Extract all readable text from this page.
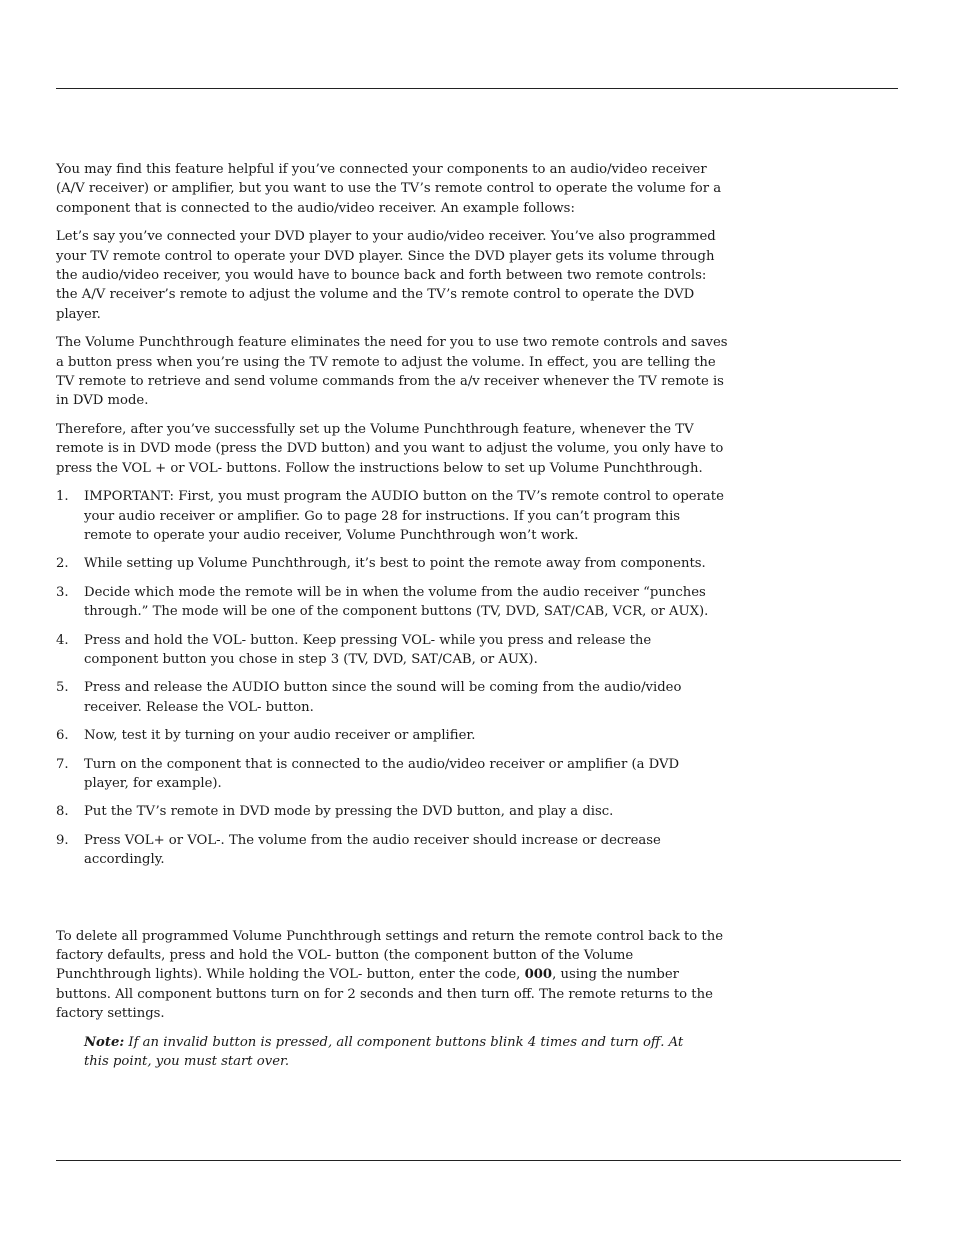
You may find this feature helpful if you’ve connected your components to an audio/video receiver (A/V receiver) or amplifier, but you want to use the TV’s remote control to operate the volume for a component that is connected to the audio/video receiver. An example follows:

Let’s say you’ve connected your DVD player to your audio/video receiver. You’ve also programmed your TV remote control to operate your DVD player. Since the DVD player gets its volume through the audio/video receiver, you would have to bounce back and forth between two remote controls: the A/V receiver’s remote to adjust the volume and the TV’s remote control to operate the DVD player.

The Volume Punchthrough feature eliminates the need for you to use two remote controls and saves a button press when you’re using the TV remote to adjust the volume. In effect, you are telling the TV remote to retrieve and send volume commands from the a/v receiver whenever the TV remote is in DVD mode.

Therefore, after you’ve successfully set up the Volume Punchthrough feature, whenever the TV remote is in DVD mode (press the DVD button) and you want to adjust the volume, you only have to press the VOL + or VOL- buttons. Follow the instructions below to set up Volume Punchthrough.

1. IMPORTANT: First, you must program the AUDIO button on the TV’s remote control to operate your audio receiver or amplifier. Go to page 28 for instructions. If you can’t program this remote to operate your audio receiver, Volume Punchthrough won’t work.
2. While setting up Volume Punchthrough, it’s best to point the remote away from components.
3. Decide which mode the remote will be in when the volume from the audio receiver “punches through.” The mode will be one of the component buttons (TV, DVD, SAT/CAB, VCR, or AUX).
4. Press and hold the VOL- button. Keep pressing VOL- while you press and release the component button you chose in step 3 (TV, DVD, SAT/CAB, or AUX).
5. Press and release the AUDIO button since the sound will be coming from the audio/video receiver. Release the VOL- button.
6. Now, test it by turning on your audio receiver or amplifier.
7. Turn on the component that is connected to the audio/video receiver or amplifier (a DVD player, for example).
8. Put the TV’s remote in DVD mode by pressing the DVD button, and play a disc.
9. Press VOL+ or VOL-. The volume from the audio receiver should increase or decrease accordingly.

To delete all programmed Volume Punchthrough settings and return the remote control back to the factory defaults, press and hold the VOL- button (the component button of the Volume Punchthrough lights). While holding the VOL- button, enter the code, 000, using the number buttons. All component buttons turn on for 2 seconds and then turn off. The remote returns to the factory settings.

Note: If an invalid button is pressed, all component buttons blink 4 times and turn off. At this point, you must start over.
